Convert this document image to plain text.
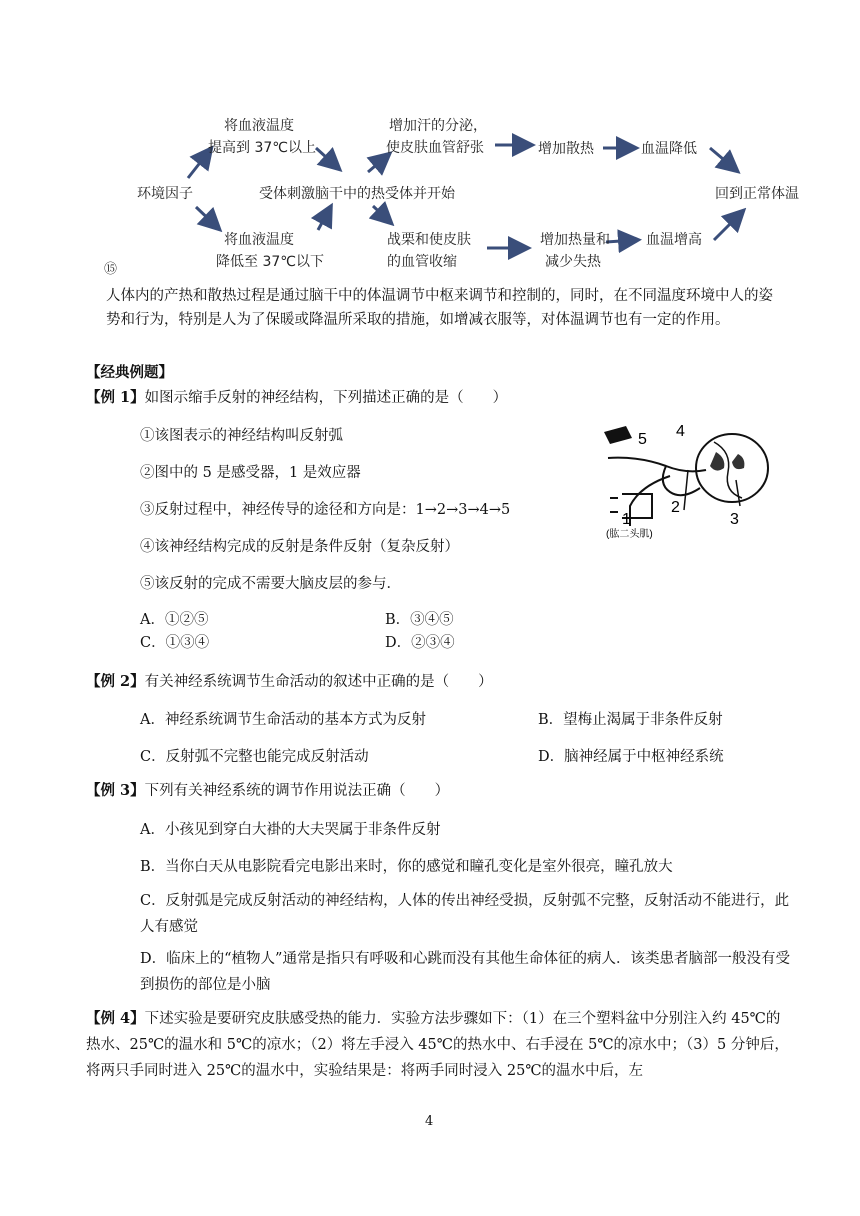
环境因子
将血液温度
提高到 37℃以上
将血液温度
降低至 37℃以下
受体刺激脑干中的热受体并开始
增加汗的分泌，
使皮肤血管舒张
战栗和使皮肤
的血管收缩
增加散热	血温降低
增加热量和
减少失热
血温增高
回到正常体温
⑮
人体内的产热和散热过程是通过脑干中的体温调节中枢来调节和控制的，同时，在不同温度环境中人的姿势和行为，特别是人为了保暖或降温所采取的措施，如增减衣服等，对体温调节也有一定的作用。
【经典例题】
【例 1】如图示缩手反射的神经结构，下列描述正确的是（　　）
①该图表示的神经结构叫反射弧
②图中的 5 是感受器，1 是效应器
③反射过程中，神经传导的途径和方向是：1→2→3→4→5
④该神经结构完成的反射是条件反射（复杂反射）
⑤该反射的完成不需要大脑皮层的参与．
A．①②⑤	B．③④⑤
C．①③④	D．②③④
5 4
2
1	3
(肱二头肌)
【例 2】有关神经系统调节生命活动的叙述中正确的是（　　）
A．神经系统调节生命活动的基本方式为反射	B．望梅止渴属于非条件反射
C．反射弧不完整也能完成反射活动	D．脑神经属于中枢神经系统
【例 3】下列有关神经系统的调节作用说法正确（　　）
A．小孩见到穿白大褂的大夫哭属于非条件反射
B．当你白天从电影院看完电影出来时，你的感觉和瞳孔变化是室外很亮，瞳孔放大
C．反射弧是完成反射活动的神经结构，人体的传出神经受损，反射弧不完整，反射活动不能进行，此人有感觉
D．临床上的“植物人”通常是指只有呼吸和心跳而没有其他生命体征的病人．该类患者脑部一般没有受到损伤的部位是小脑
【例 4】下述实验是要研究皮肤感受热的能力．实验方法步骤如下：（1）在三个塑料盆中分别注入约 45℃的热水、25℃的温水和 5℃的凉水；（2）将左手浸入 45℃的热水中、右手浸在 5℃的凉水中；（3）5 分钟后，将两只手同时进入 25℃的温水中，实验结果是：将两手同时浸入 25℃的温水中后，左
4
